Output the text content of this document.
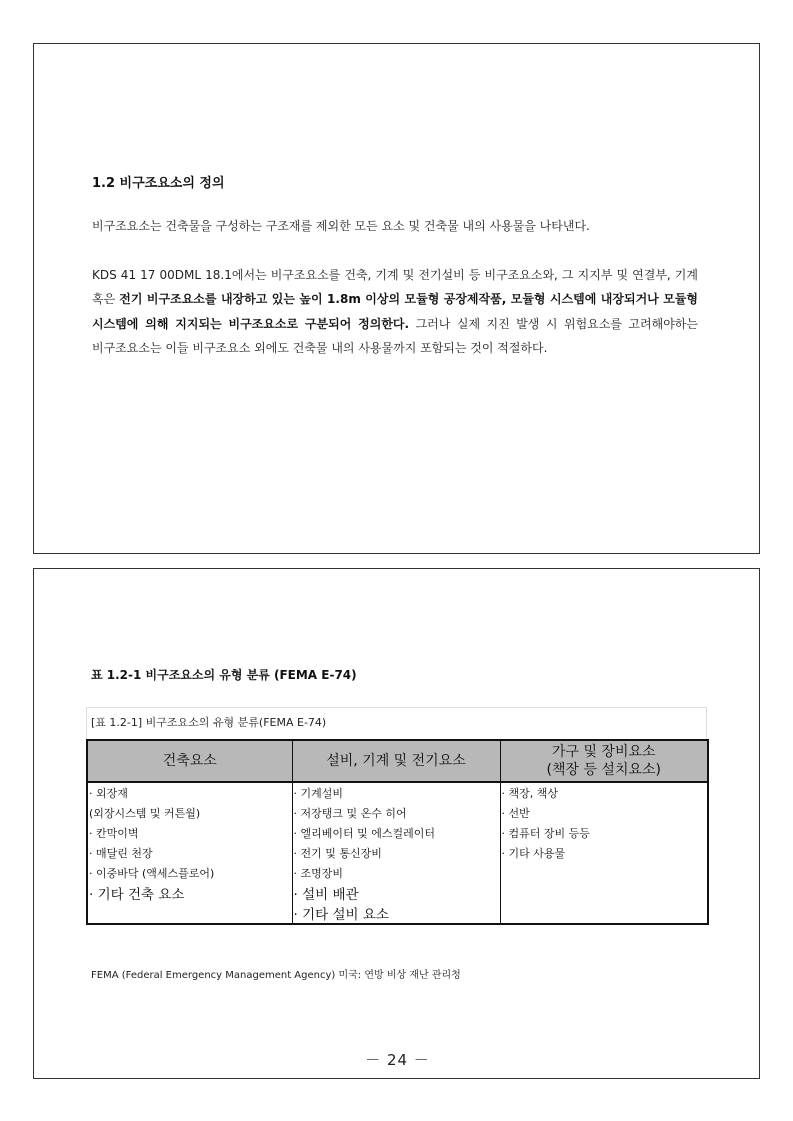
1.2 비구조요소의 정의

비구조요소는 건축물을 구성하는 구조재를 제외한 모든 요소 및 건축물 내의 사용물을 나타낸다.

KDS 41 17 00DML 18.1에서는 비구조요소를 건축, 기계 및 전기설비 등 비구조요소와, 그 지지부 및 연결부, 기계 혹은 전기 비구조요소를 내장하고 있는 높이 1.8m 이상의 모듈형 공장제작품, 모듈형 시스템에 내장되거나 모듈형 시스템에 의해 지지되는 비구조요소로 구분되어 정의한다. 그러나 실제 지진 발생 시 위험요소를 고려해야하는 비구조요소는 이들 비구조요소 외에도 건축물 내의 사용물까지 포함되는 것이 적절하다.

표 1.2-1 비구조요소의 유형 분류 (FEMA E-74)
[표 1.2-1] 비구조요소의 유형 분류(FEMA E-74)
건축요소	설비, 기계 및 전기요소	가구 및 장비요소
(책장 등 설치요소)
· 외장재	· 기계설비	· 책장, 책상
(외장시스템 및 커튼월)	· 저장탱크 및 온수 히어	· 선반
· 칸막이벽	· 엘리베이터 및 에스컬레이터	· 컴퓨터 장비 등등
· 매달린 천장	· 전기 및 통신장비	· 기타 사용물
· 이중바닥 (액세스플로어)	· 조명장비	
· 기타 건축 요소	· 설비 배관	
	· 기타 설비 요소	

FEMA (Federal Emergency Management Agency) 미국: 연방 비상 재난 관리청

－ 24 －
